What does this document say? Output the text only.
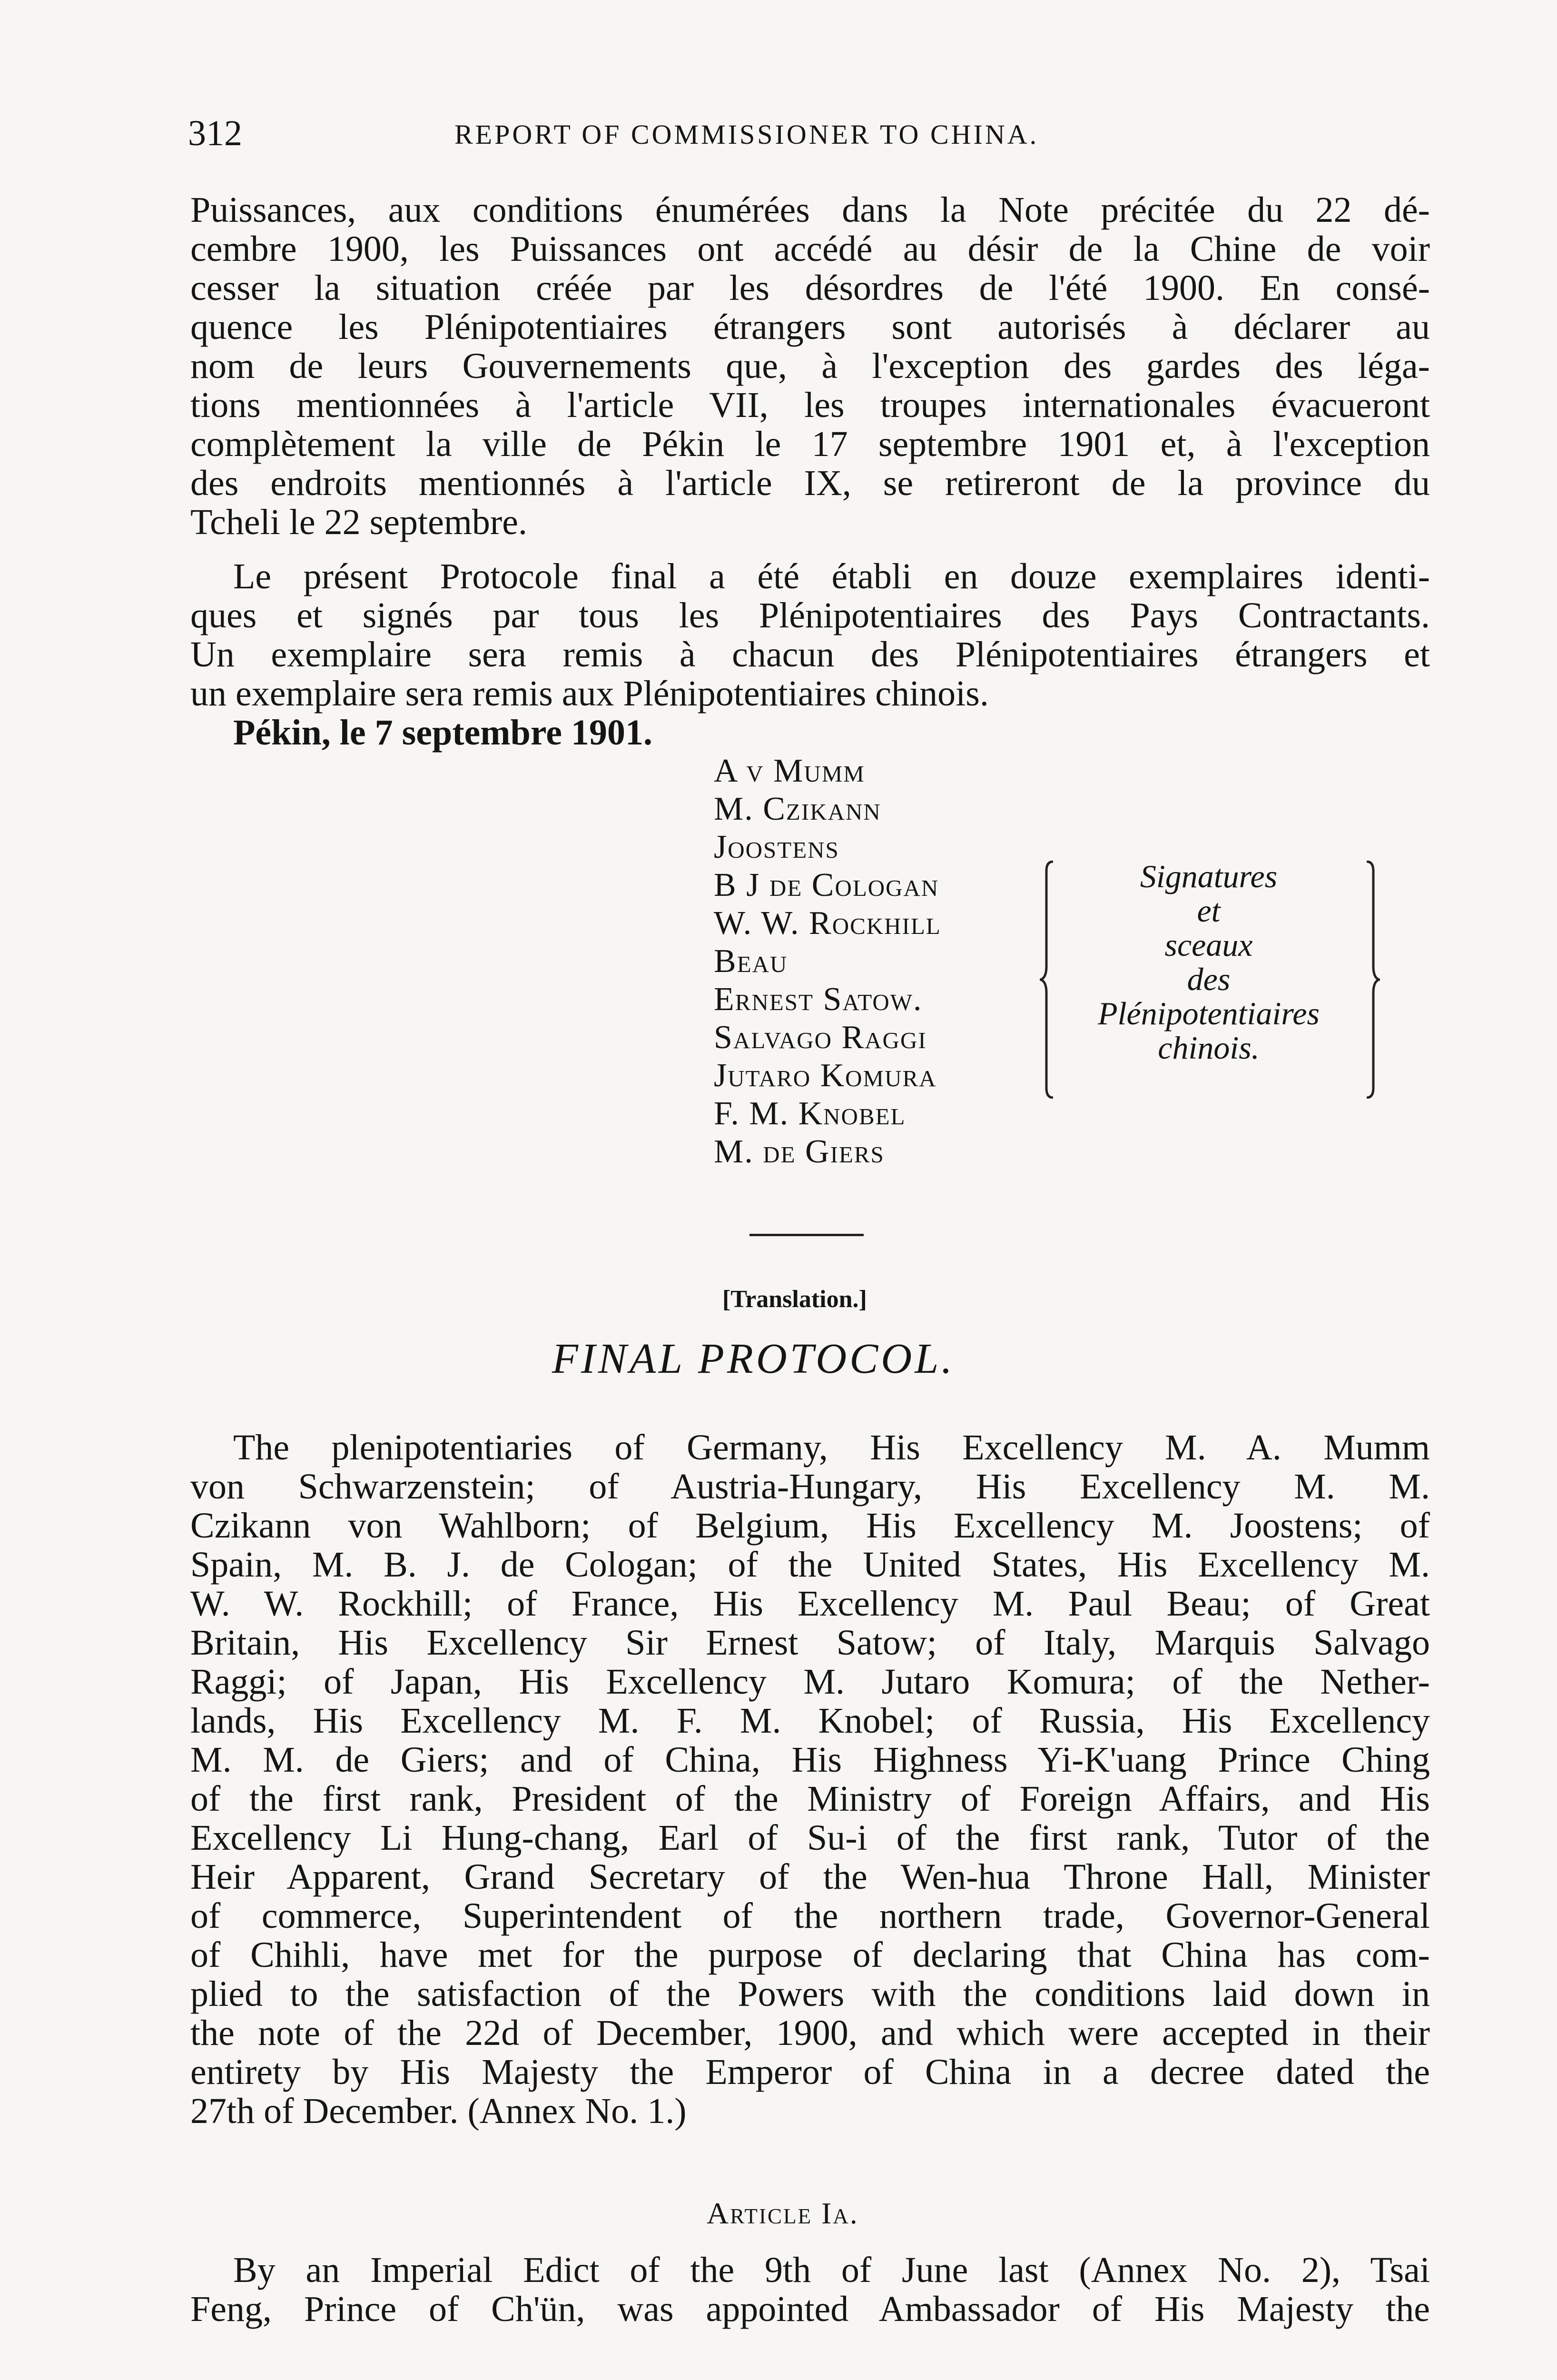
312	REPORT OF COMMISSIONER TO CHINA.
Puissances, aux conditions énumérées dans la Note précitée du 22 dé-
cembre 1900, les Puissances ont accédé au désir de la Chine de voir
cesser la situation créée par les désordres de l'été 1900. En consé-
quence les Plénipotentiaires étrangers sont autorisés à déclarer au
nom de leurs Gouvernements que, à l'exception des gardes des léga-
tions mentionnées à l'article VII, les troupes internationales évacueront
complètement la ville de Pékin le 17 septembre 1901 et, à l'exception
des endroits mentionnés à l'article IX, se retireront de la province du
Tcheli le 22 septembre.
Le présent Protocole final a été établi en douze exemplaires identi-
ques et signés par tous les Plénipotentiaires des Pays Contractants.
Un exemplaire sera remis à chacun des Plénipotentiaires étrangers et
un exemplaire sera remis aux Plénipotentiaires chinois.
Pékin, le 7 septembre 1901.
A v Mumm
M. Czikann
Joostens
B J de Cologan
W. W. Rockhill
Beau
Ernest Satow.
Salvago Raggi
Jutaro Komura
F. M. Knobel
M. de Giers
Signatures
et
sceaux
des
Plénipotentiaires
chinois.
[Translation.]
FINAL PROTOCOL.
The plenipotentiaries of Germany, His Excellency M. A. Mumm
von Schwarzenstein; of Austria-Hungary, His Excellency M. M.
Czikann von Wahlborn; of Belgium, His Excellency M. Joostens; of
Spain, M. B. J. de Cologan; of the United States, His Excellency M.
W. W. Rockhill; of France, His Excellency M. Paul Beau; of Great
Britain, His Excellency Sir Ernest Satow; of Italy, Marquis Salvago
Raggi; of Japan, His Excellency M. Jutaro Komura; of the Nether-
lands, His Excellency M. F. M. Knobel; of Russia, His Excellency
M. M. de Giers; and of China, His Highness Yi-K'uang Prince Ching
of the first rank, President of the Ministry of Foreign Affairs, and His
Excellency Li Hung-chang, Earl of Su-i of the first rank, Tutor of the
Heir Apparent, Grand Secretary of the Wen-hua Throne Hall, Minister
of commerce, Superintendent of the northern trade, Governor-General
of Chihli, have met for the purpose of declaring that China has com-
plied to the satisfaction of the Powers with the conditions laid down in
the note of the 22d of December, 1900, and which were accepted in their
entirety by His Majesty the Emperor of China in a decree dated the
27th of December. (Annex No. 1.)
Article Ia.
By an Imperial Edict of the 9th of June last (Annex No. 2), Tsai
Feng, Prince of Ch'ün, was appointed Ambassador of His Majesty the
